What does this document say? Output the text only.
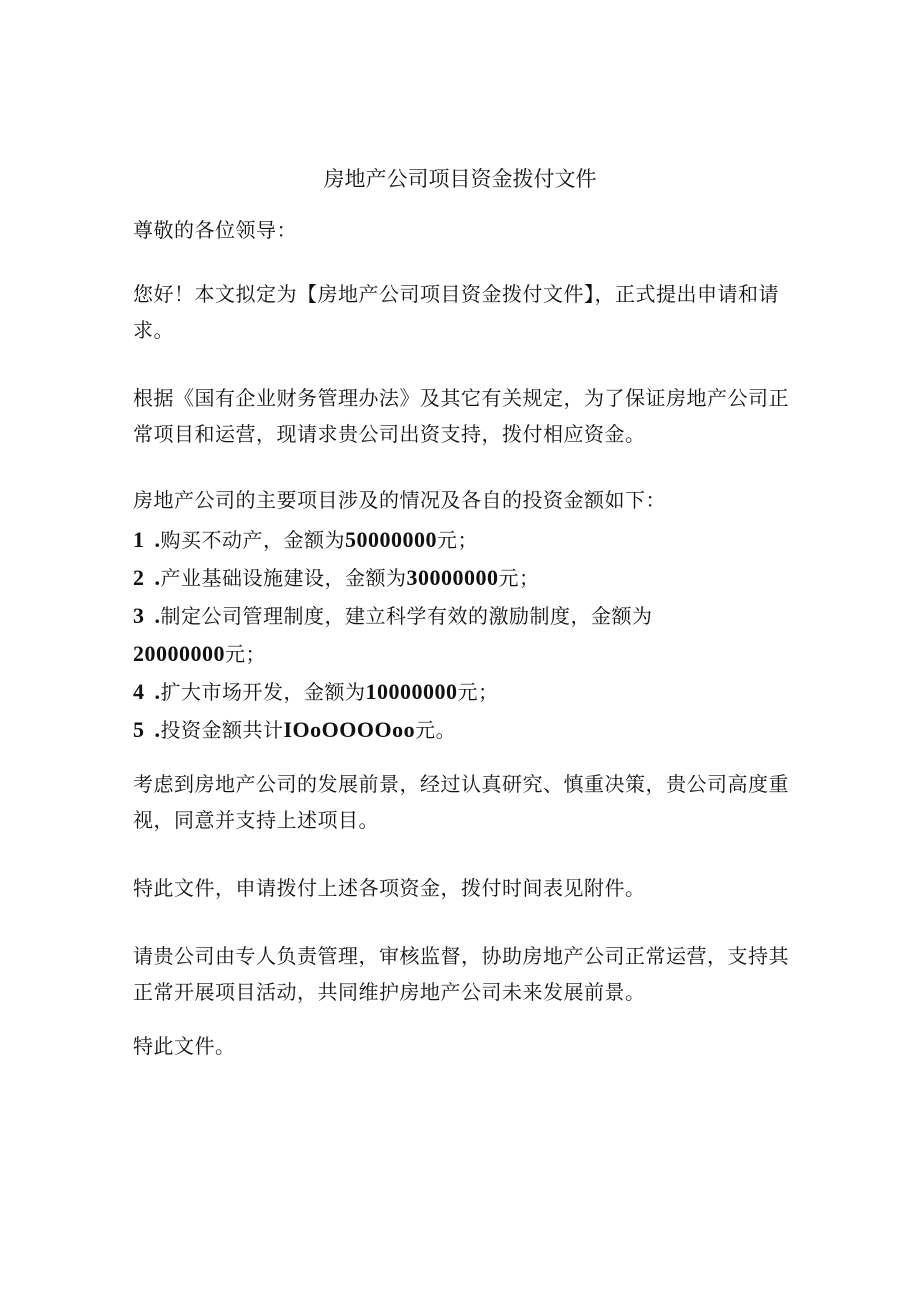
房地产公司项目资金拨付文件

尊敬的各位领导：

您好！本文拟定为【房地产公司项目资金拨付文件】，正式提出申请和请求。

根据《国有企业财务管理办法》及其它有关规定，为了保证房地产公司正常项目和运营，现请求贵公司出资支持，拨付相应资金。

房地产公司的主要项目涉及的情况及各自的投资金额如下：

1 .购买不动产，金额为50000000元；

2 .产业基础设施建设，金额为30000000元；

3 .制定公司管理制度，建立科学有效的激励制度，金额为
20000000元；

4 .扩大市场开发，金额为10000000元；

5 .投资金额共计IOoOOOOoo元。

考虑到房地产公司的发展前景，经过认真研究、慎重决策，贵公司高度重视，同意并支持上述项目。

特此文件，申请拨付上述各项资金，拨付时间表见附件。

请贵公司由专人负责管理，审核监督，协助房地产公司正常运营，支持其正常开展项目活动，共同维护房地产公司未来发展前景。

特此文件。
